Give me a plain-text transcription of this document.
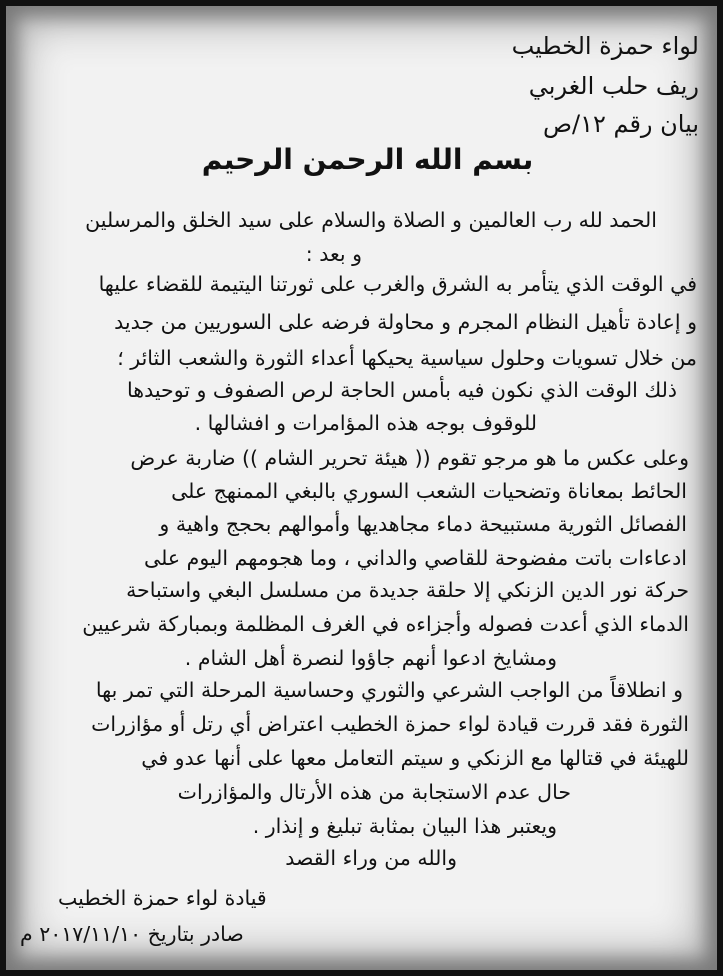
لواء حمزة الخطيب
ريف حلب الغربي
بيان رقم ١٢/ص
بسم الله الرحمن الرحيم
الحمد لله رب العالمين و الصلاة والسلام على سيد الخلق والمرسلين
و بعد :
في الوقت الذي يتأمر به الشرق والغرب على ثورتنا اليتيمة للقضاء عليها
و إعادة تأهيل النظام المجرم و محاولة فرضه على السوريين من جديد
من خلال تسويات وحلول سياسية يحيكها أعداء الثورة والشعب الثائر ؛
ذلك الوقت الذي نكون فيه بأمس الحاجة لرص الصفوف و توحيدها
للوقوف بوجه هذه المؤامرات و افشالها .
وعلى عكس ما هو مرجو تقوم (( هيئة تحرير الشام )) ضاربة عرض
الحائط بمعاناة وتضحيات الشعب السوري بالبغي الممنهج على
الفصائل الثورية مستبيحة دماء مجاهديها وأموالهم بحجج واهية و
ادعاءات باتت مفضوحة للقاصي والداني ، وما هجومهم اليوم على
حركة نور الدين الزنكي إلا حلقة جديدة من مسلسل البغي واستباحة
الدماء الذي أعدت فصوله وأجزاءه في الغرف المظلمة وبمباركة شرعيين
ومشايخ ادعوا أنهم جاؤوا لنصرة أهل الشام .
و انطلاقاً من الواجب الشرعي والثوري وحساسية المرحلة التي تمر بها
الثورة فقد قررت قيادة لواء حمزة الخطيب اعتراض أي رتل أو مؤازرات
للهيئة في قتالها مع الزنكي و سيتم التعامل معها على أنها عدو في
حال عدم الاستجابة من هذه الأرتال والمؤازرات
ويعتبر هذا البيان بمثابة تبليغ و إنذار .
والله من وراء القصد
قيادة لواء حمزة الخطيب
صادر بتاريخ ٢٠١٧/١١/١٠ م
